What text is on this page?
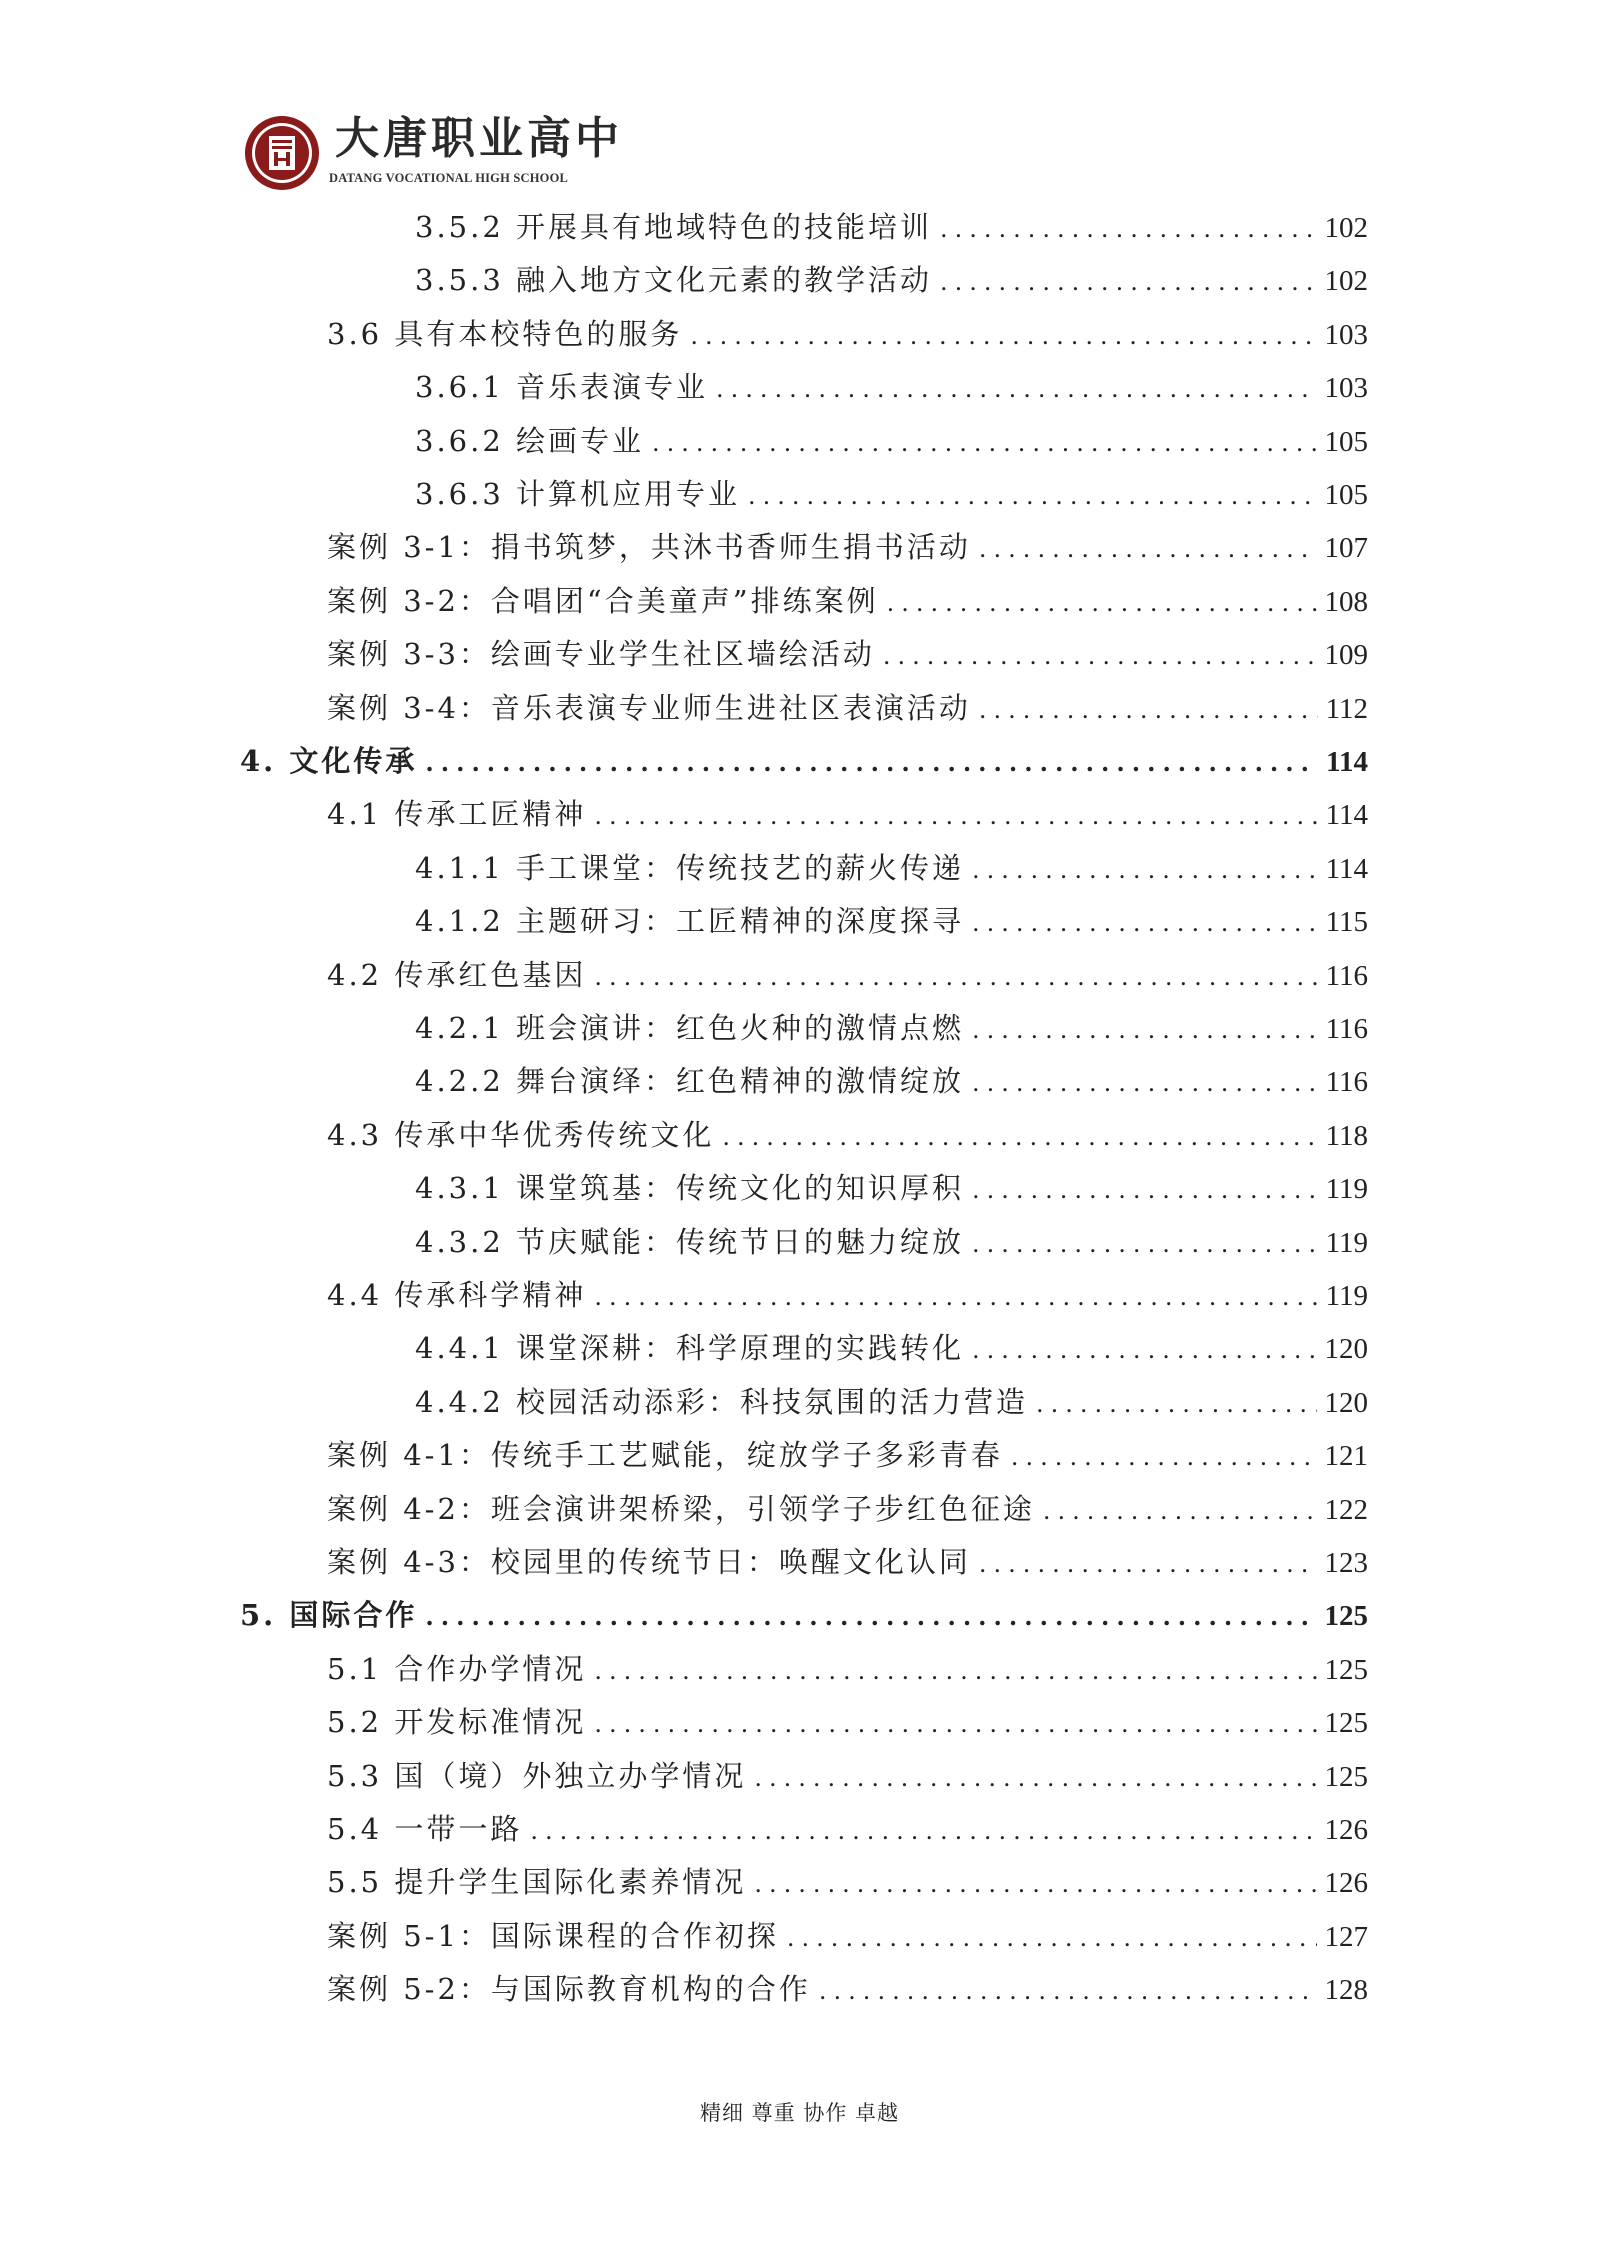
大唐职业高中
DATANG VOCATIONAL HIGH SCHOOL
3.5.2 开展具有地域特色的技能培训 .....	102
3.5.3 融入地方文化元素的教学活动 .....	102
3.6 具有本校特色的服务 .....	103
3.6.1 音乐表演专业 .....	103
3.6.2 绘画专业 .....	105
3.6.3 计算机应用专业 .....	105
案例 3-1：捐书筑梦，共沐书香师生捐书活动 .....	107
案例 3-2：合唱团“合美童声”排练案例 .....	108
案例 3-3：绘画专业学生社区墙绘活动 .....	109
案例 3-4：音乐表演专业师生进社区表演活动 .....	112
4. 文化传承 .....	114
4.1 传承工匠精神 .....	114
4.1.1 手工课堂：传统技艺的薪火传递 .....	114
4.1.2 主题研习：工匠精神的深度探寻 .....	115
4.2 传承红色基因 .....	116
4.2.1 班会演讲：红色火种的激情点燃 .....	116
4.2.2 舞台演绎：红色精神的激情绽放 .....	116
4.3 传承中华优秀传统文化 .....	118
4.3.1 课堂筑基：传统文化的知识厚积 .....	119
4.3.2 节庆赋能：传统节日的魅力绽放 .....	119
4.4 传承科学精神 .....	119
4.4.1 课堂深耕：科学原理的实践转化 .....	120
4.4.2 校园活动添彩：科技氛围的活力营造 .....	120
案例 4-1：传统手工艺赋能，绽放学子多彩青春 .....	121
案例 4-2：班会演讲架桥梁，引领学子步红色征途 .....	122
案例 4-3：校园里的传统节日：唤醒文化认同 .....	123
5. 国际合作 .....	125
5.1 合作办学情况 .....	125
5.2 开发标准情况 .....	125
5.3 国（境）外独立办学情况 .....	125
5.4 一带一路 .....	126
5.5 提升学生国际化素养情况 .....	126
案例 5-1：国际课程的合作初探 .....	127
案例 5-2：与国际教育机构的合作 .....	128
精细 尊重 协作 卓越
